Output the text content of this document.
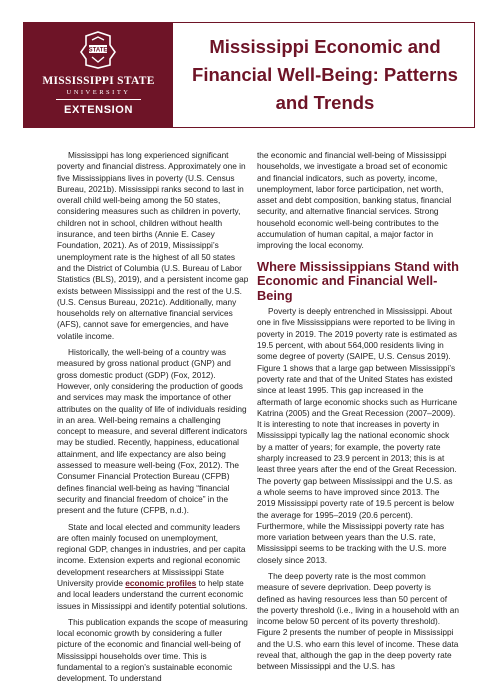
STATE
MISSISSIPPI STATE
UNIVERSITY
EXTENSION
Mississippi Economic and Financial Well-Being: Patterns and Trends

Mississippi has long experienced significant poverty and financial distress. Approximately one in five Mississippians lives in poverty (U.S. Census Bureau, 2021b). Mississippi ranks second to last in overall child well-being among the 50 states, considering measures such as children in poverty, children not in school, children without health insurance, and teen births (Annie E. Casey Foundation, 2021). As of 2019, Mississippi’s unemployment rate is the highest of all 50 states and the District of Columbia (U.S. Bureau of Labor Statistics (BLS), 2019), and a persistent income gap exists between Mississippi and the rest of the U.S. (U.S. Census Bureau, 2021c). Additionally, many households rely on alternative financial services (AFS), cannot save for emergencies, and have volatile income.

Historically, the well-being of a country was measured by gross national product (GNP) and gross domestic product (GDP) (Fox, 2012). However, only considering the production of goods and services may mask the importance of other attributes on the quality of life of individuals residing in an area. Well-being remains a challenging concept to measure, and several different indicators may be studied. Recently, happiness, educational attainment, and life expectancy are also being assessed to measure well-being (Fox, 2012). The Consumer Financial Protection Bureau (CFPB) defines financial well-being as having “financial security and financial freedom of choice” in the present and the future (CFPB, n.d.).

State and local elected and community leaders are often mainly focused on unemployment, regional GDP, changes in industries, and per capita income. Extension experts and regional economic development researchers at Mississippi State University provide economic profiles to help state and local leaders understand the current economic issues in Mississippi and identify potential solutions.

This publication expands the scope of measuring local economic growth by considering a fuller picture of the economic and financial well-being of Mississippi households over time. This is fundamental to a region’s sustainable economic development. To understand

the economic and financial well-being of Mississippi households, we investigate a broad set of economic and financial indicators, such as poverty, income, unemployment, labor force participation, net worth, asset and debt composition, banking status, financial security, and alternative financial services. Strong household economic well-being contributes to the accumulation of human capital, a major factor in improving the local economy.

Where Mississippians Stand with Economic and Financial Well-Being

Poverty is deeply entrenched in Mississippi. About one in five Mississippians were reported to be living in poverty in 2019. The 2019 poverty rate is estimated as 19.5 percent, with about 564,000 residents living in some degree of poverty (SAIPE, U.S. Census 2019). Figure 1 shows that a large gap between Mississippi’s poverty rate and that of the United States has existed since at least 1995. This gap increased in the aftermath of large economic shocks such as Hurricane Katrina (2005) and the Great Recession (2007–2009). It is interesting to note that increases in poverty in Mississippi typically lag the national economic shock by a matter of years; for example, the poverty rate sharply increased to 23.9 percent in 2013; this is at least three years after the end of the Great Recession. The poverty gap between Mississippi and the U.S. as a whole seems to have improved since 2013. The 2019 Mississippi poverty rate of 19.5 percent is below the average for 1995–2019 (20.6 percent). Furthermore, while the Mississippi poverty rate has more variation between years than the U.S. rate, Mississippi seems to be tracking with the U.S. more closely since 2013.

The deep poverty rate is the most common measure of severe deprivation. Deep poverty is defined as having resources less than 50 percent of the poverty threshold (i.e., living in a household with an income below 50 percent of its poverty threshold). Figure 2 presents the number of people in Mississippi and the U.S. who earn this level of income. These data reveal that, although the gap in the deep poverty rate between Mississippi and the U.S. has
